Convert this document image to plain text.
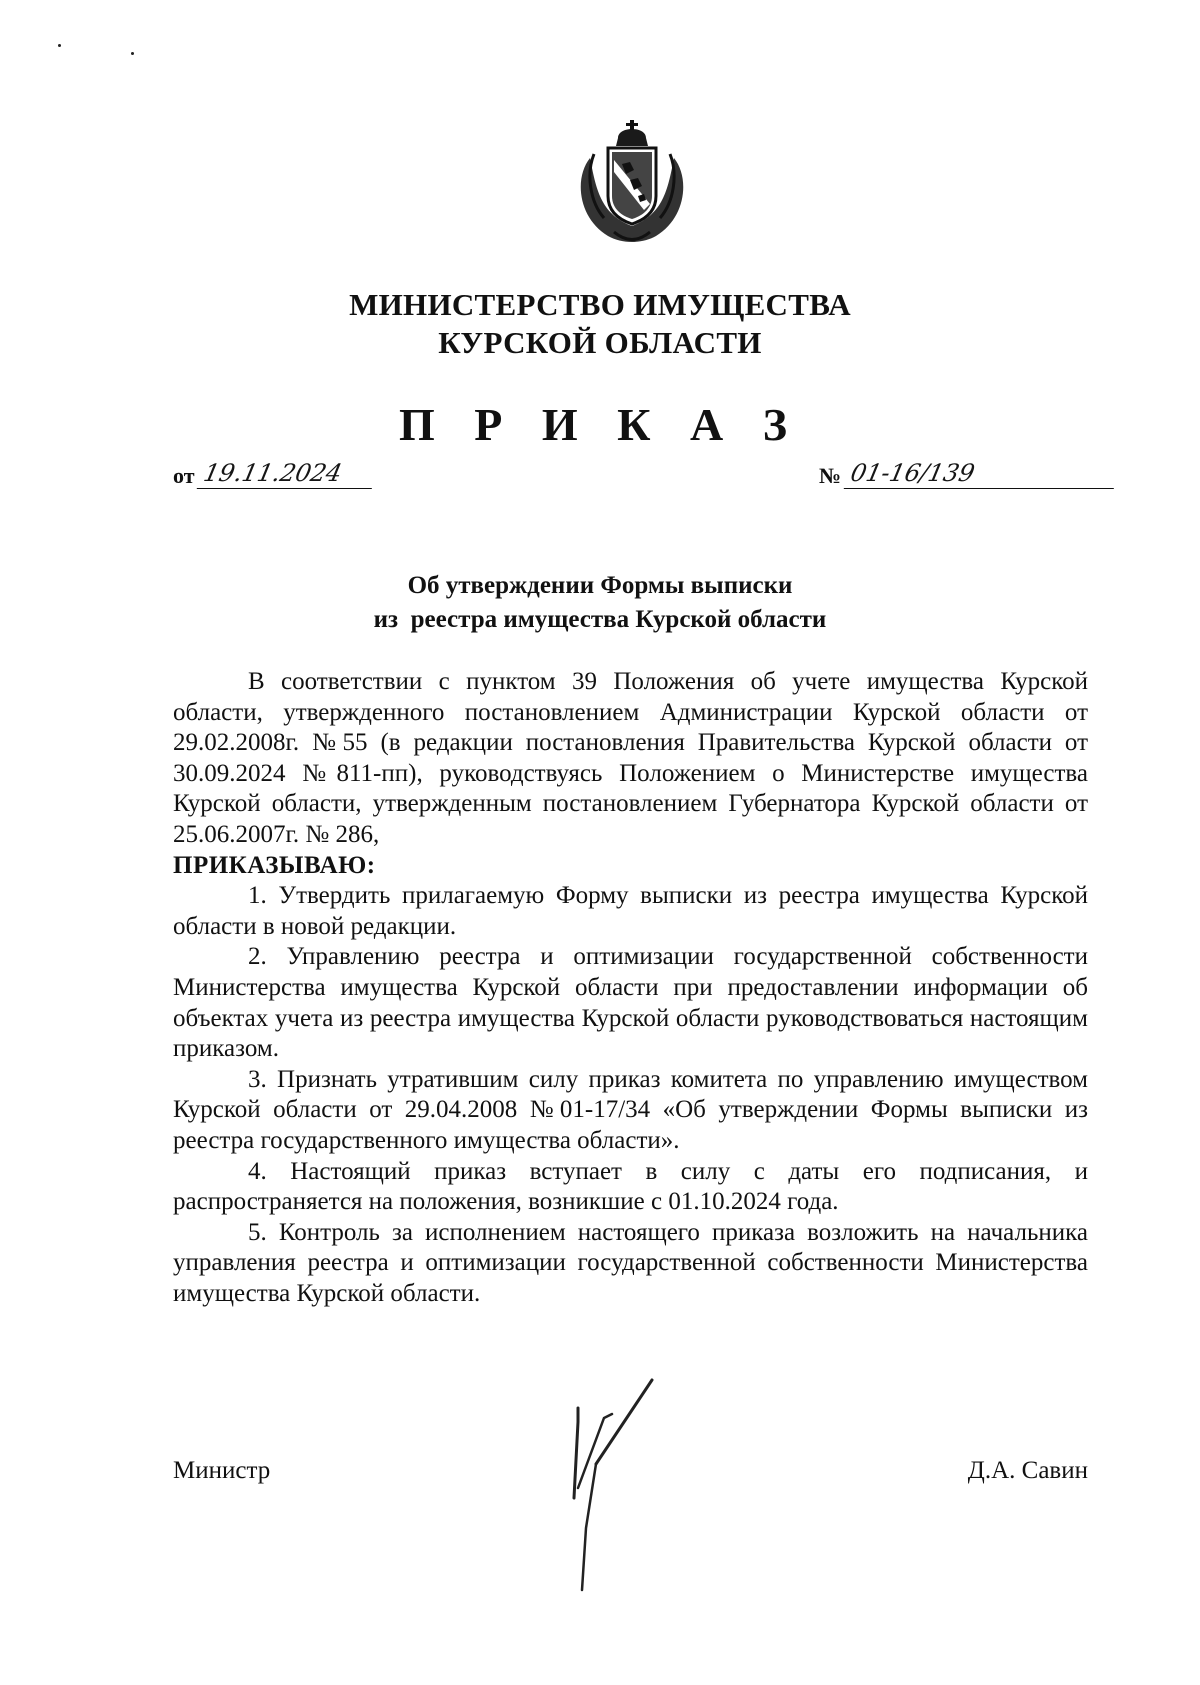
МИНИСТЕРСТВО ИМУЩЕСТВА
КУРСКОЙ ОБЛАСТИ
П Р И К А З
от 19.11.2024	№ 01-16/139
Об утверждении Формы выписки
из  реестра имущества Курской области

В соответствии с пунктом 39 Положения об учете имущества Курской области, утвержденного постановлением Администрации Курской области от 29.02.2008г. №55 (в редакции постановления Правительства Курской области от 30.09.2024 №811-пп), руководствуясь Положением о Министерстве имущества Курской области, утвержденным постановлением Губернатора Курской области от 25.06.2007г. № 286,

ПРИКАЗЫВАЮ:

1. Утвердить прилагаемую Форму выписки из реестра имущества Курской области в новой редакции.

2. Управлению реестра и оптимизации государственной собственности Министерства имущества Курской области при предоставлении информации об объектах учета из реестра имущества Курской области руководствоваться настоящим приказом.

3. Признать утратившим силу приказ комитета по управлению имуществом Курской области от 29.04.2008 №01-17/34 «Об утверждении Формы выписки из реестра государственного имущества области».

4. Настоящий приказ вступает в силу с даты его подписания, и распространяется на положения, возникшие с 01.10.2024 года.

5. Контроль за исполнением настоящего приказа возложить на начальника управления реестра и оптимизации государственной собственности Министерства имущества Курской области.

Министр	Д.А. Савин
